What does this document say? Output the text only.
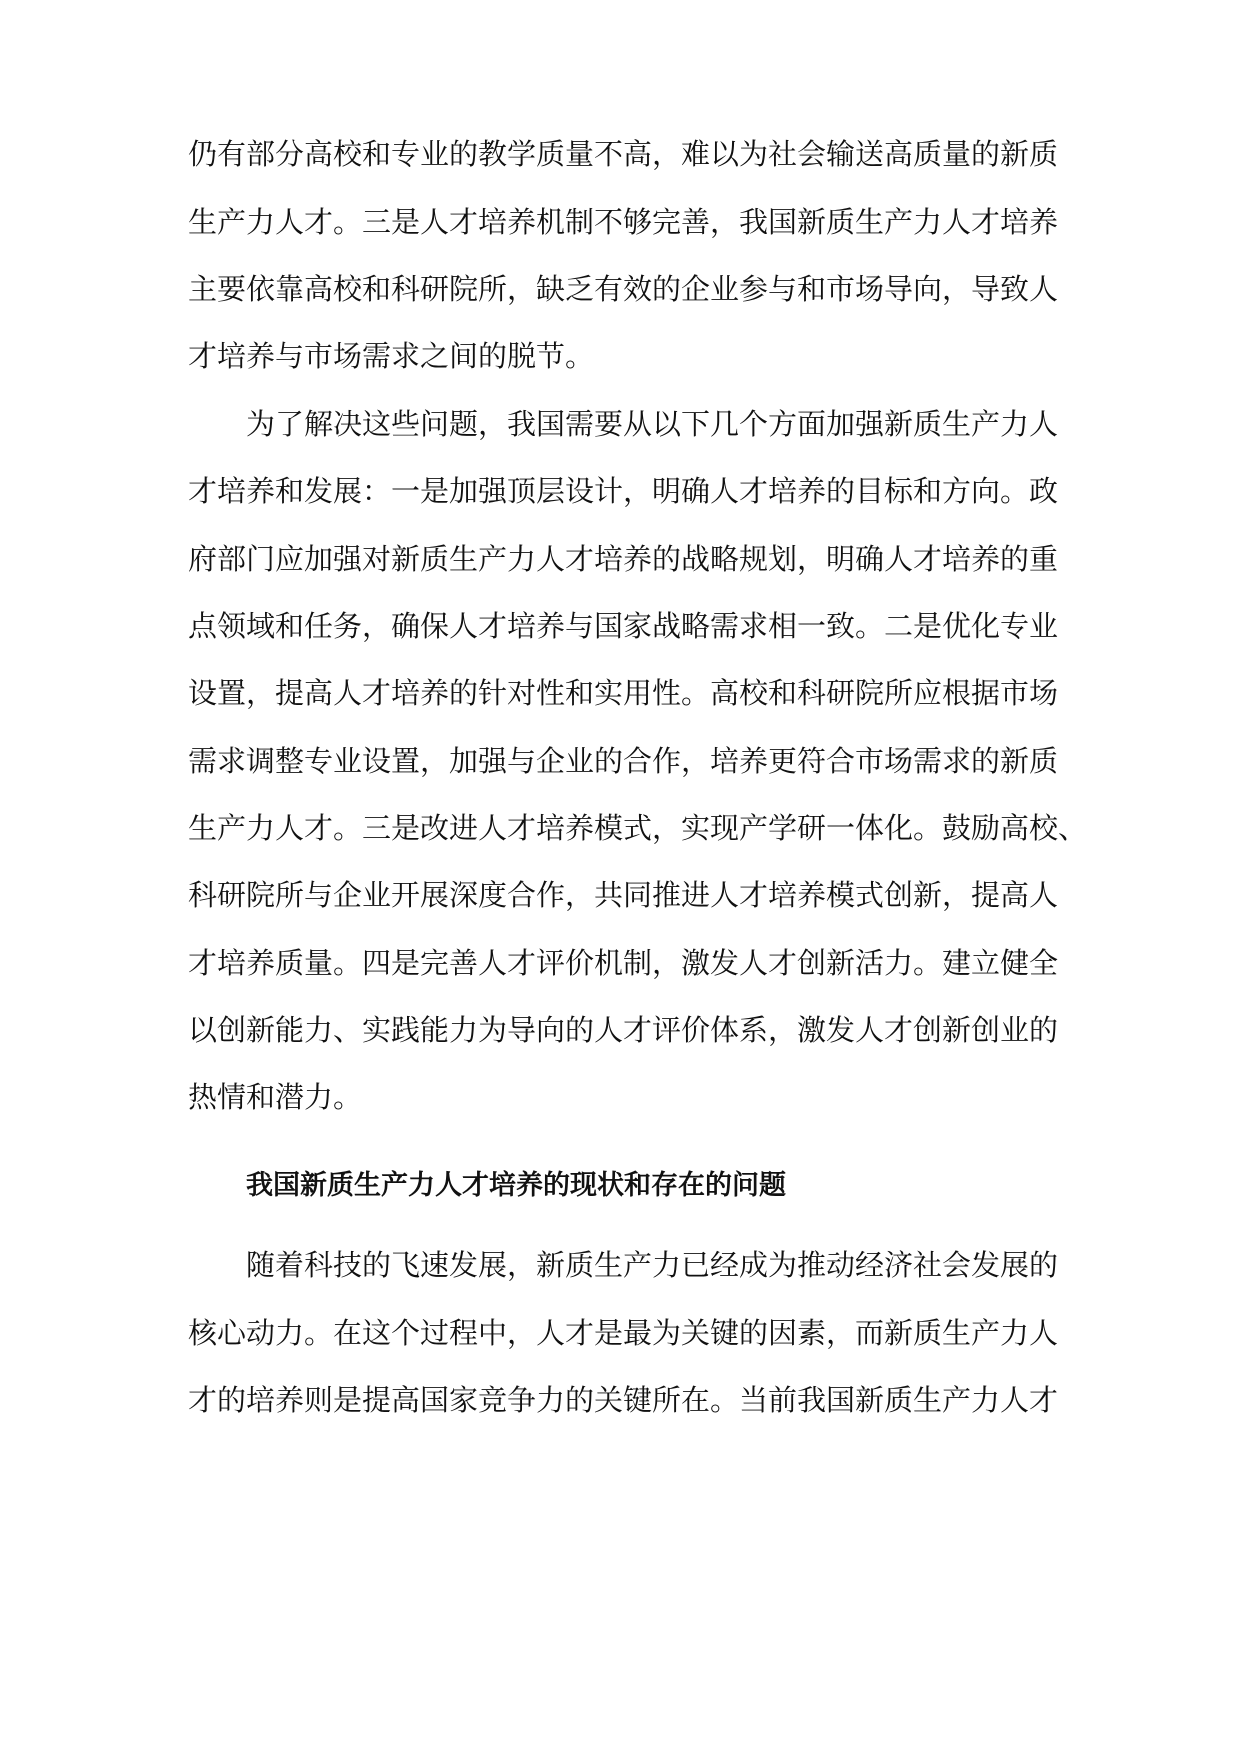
仍有部分高校和专业的教学质量不高，难以为社会输送高质量的新质
生产力人才。三是人才培养机制不够完善，我国新质生产力人才培养
主要依靠高校和科研院所，缺乏有效的企业参与和市场导向，导致人
才培养与市场需求之间的脱节。
为了解决这些问题，我国需要从以下几个方面加强新质生产力人
才培养和发展：一是加强顶层设计，明确人才培养的目标和方向。政
府部门应加强对新质生产力人才培养的战略规划，明确人才培养的重
点领域和任务，确保人才培养与国家战略需求相一致。二是优化专业
设置，提高人才培养的针对性和实用性。高校和科研院所应根据市场
需求调整专业设置，加强与企业的合作，培养更符合市场需求的新质
生产力人才。三是改进人才培养模式，实现产学研一体化。鼓励高校、
科研院所与企业开展深度合作，共同推进人才培养模式创新，提高人
才培养质量。四是完善人才评价机制，激发人才创新活力。建立健全
以创新能力、实践能力为导向的人才评价体系，激发人才创新创业的
热情和潜力。
我国新质生产力人才培养的现状和存在的问题
随着科技的飞速发展，新质生产力已经成为推动经济社会发展的
核心动力。在这个过程中，人才是最为关键的因素，而新质生产力人
才的培养则是提高国家竞争力的关键所在。当前我国新质生产力人才
